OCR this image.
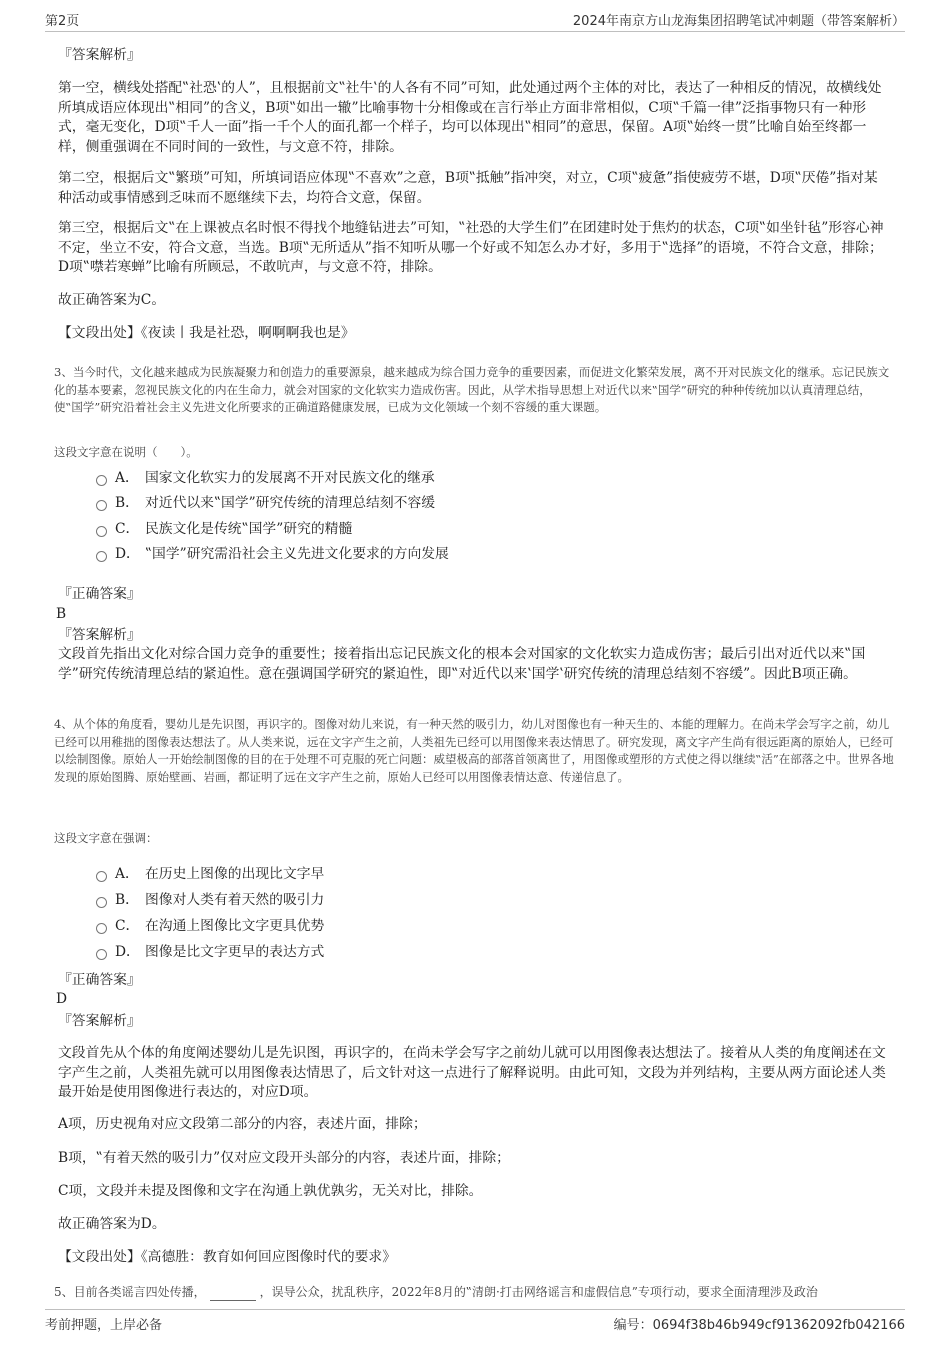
第2页	2024年南京方山龙海集团招聘笔试冲刺题（带答案解析）
『答案解析』

第一空，横线处搭配‟社恐‛的人”，且根据前文‟社牛‛的人各有不同”可知，此处通过两个主体的对比，表达了一种相反的情况，故横线处所填成语应体现出‟相同”的含义，B项‟如出一辙”比喻事物十分相像或在言行举止方面非常相似，C项‟千篇一律”泛指事物只有一种形式，毫无变化，D项‟千人一面”指一千个人的面孔都一个样子，均可以体现出‟相同”的意思，保留。A项‟始终一贯”比喻自始至终都一样，侧重强调在不同时间的一致性，与文意不符，排除。

第二空，根据后文‟繁琐”可知，所填词语应体现‟不喜欢”之意，B项‟抵触”指冲突，对立，C项‟疲惫”指使疲劳不堪，D项‟厌倦”指对某种活动或事情感到乏味而不愿继续下去，均符合文意，保留。

第三空，根据后文‟在上课被点名时恨不得找个地缝钻进去”可知，‟社恐的大学生们”在团建时处于焦灼的状态，C项‟如坐针毡”形容心神不定，坐立不安，符合文意，当选。B项‟无所适从”指不知听从哪一个好或不知怎么办才好，多用于‟选择”的语境，不符合文意，排除；D项‟噤若寒蝉”比喻有所顾忌，不敢吭声，与文意不符，排除。

故正确答案为C。

【文段出处】《夜读丨我是社恐，啊啊啊我也是》

3、当今时代，文化越来越成为民族凝聚力和创造力的重要源泉，越来越成为综合国力竞争的重要因素，而促进文化繁荣发展，离不开对民族文化的继承。忘记民族文化的基本要素，忽视民族文化的内在生命力，就会对国家的文化软实力造成伤害。因此，从学术指导思想上对近代以来‟国学”研究的种种传统加以认真清理总结，使‟国学”研究沿着社会主义先进文化所要求的正确道路健康发展，已成为文化领域一个刻不容缓的重大课题。

这段文字意在说明（　　）。

A． 国家文化软实力的发展离不开对民族文化的继承
B． 对近代以来‟国学”研究传统的清理总结刻不容缓
C． 民族文化是传统‟国学”研究的精髓
D． ‟国学”研究需沿社会主义先进文化要求的方向发展
『正确答案』
B
『答案解析』

文段首先指出文化对综合国力竞争的重要性；接着指出忘记民族文化的根本会对国家的文化软实力造成伤害；最后引出对近代以来‟国学”研究传统清理总结的紧迫性。意在强调国学研究的紧迫性，即‟对近代以来‛国学‛研究传统的清理总结刻不容缓”。因此B项正确。

4、从个体的角度看，婴幼儿是先识图，再识字的。图像对幼儿来说，有一种天然的吸引力，幼儿对图像也有一种天生的、本能的理解力。在尚未学会写字之前，幼儿已经可以用稚拙的图像表达想法了。从人类来说，远在文字产生之前，人类祖先已经可以用图像来表达情思了。研究发现，离文字产生尚有很远距离的原始人，已经可以绘制图像。原始人一开始绘制图像的目的在于处理不可克服的死亡问题：威望极高的部落首领离世了，用图像或塑形的方式使之得以继续‟活”在部落之中。世界各地发现的原始图腾、原始壁画、岩画，都证明了远在文字产生之前，原始人已经可以用图像表情达意、传递信息了。

这段文字意在强调：

A． 在历史上图像的出现比文字早
B． 图像对人类有着天然的吸引力
C． 在沟通上图像比文字更具优势
D． 图像是比文字更早的表达方式
『正确答案』
D
『答案解析』

文段首先从个体的角度阐述婴幼儿是先识图，再识字的，在尚未学会写字之前幼儿就可以用图像表达想法了。接着从人类的角度阐述在文字产生之前，人类祖先就可以用图像表达情思了，后文针对这一点进行了解释说明。由此可知，文段为并列结构，主要从两方面论述人类最开始是使用图像进行表达的，对应D项。

A项，历史视角对应文段第二部分的内容，表述片面，排除；

B项，‟有着天然的吸引力”仅对应文段开头部分的内容，表述片面，排除；

C项，文段并未提及图像和文字在沟通上孰优孰劣，无关对比，排除。

故正确答案为D。

【文段出处】《高德胜：教育如何回应图像时代的要求》

5、目前各类谣言四处传播，	，误导公众，扰乱秩序，2022年8月的‟清朗·打击网络谣言和虚假信息”专项行动，要求全面清理涉及政治
考前押题，上岸必备	编号：0694f38b46b949cf91362092fb042166
